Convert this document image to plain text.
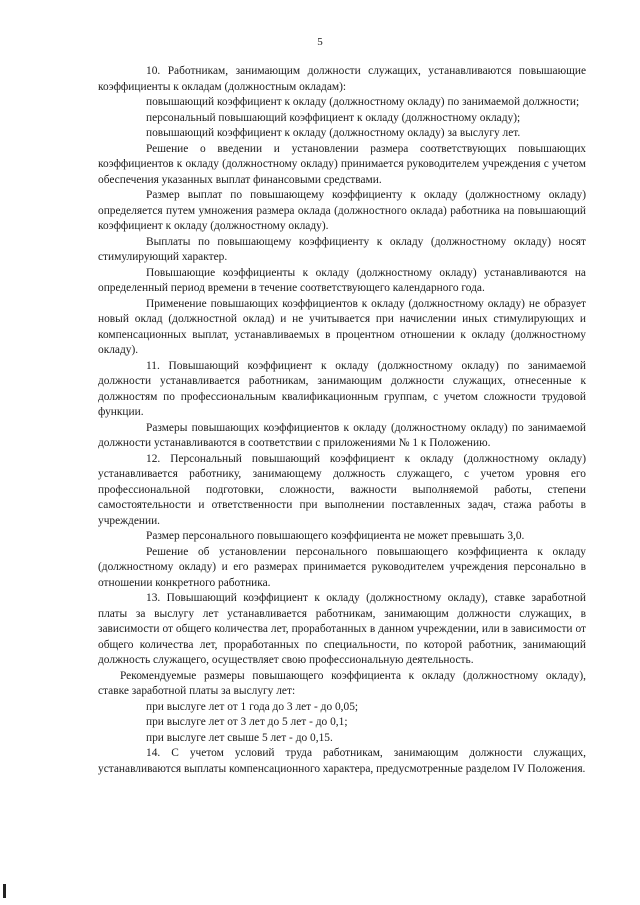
5

10. Работникам, занимающим должности служащих, устанавливаются повышающие коэффициенты к окладам (должностным окладам):

повышающий коэффициент к окладу (должностному окладу) по занимаемой должности;

персональный повышающий коэффициент к окладу (должностному окладу);

повышающий коэффициент к окладу (должностному окладу) за выслугу лет.

Решение о введении и установлении размера соответствующих повышающих коэффициентов к окладу (должностному окладу) принимается руководителем учреждения с учетом обеспечения указанных выплат финансовыми средствами.

Размер выплат по повышающему коэффициенту к окладу (должностному окладу) определяется путем умножения размера оклада (должностного оклада) работника на повышающий коэффициент к окладу (должностному окладу).

Выплаты по повышающему коэффициенту к окладу (должностному окладу) носят стимулирующий характер.

Повышающие коэффициенты к окладу (должностному окладу) устанавливаются на определенный период времени в течение соответствующего календарного года.

Применение повышающих коэффициентов к окладу (должностному окладу) не образует новый оклад (должностной оклад) и не учитывается при начислении иных стимулирующих и компенсационных выплат, устанавливаемых в процентном отношении к окладу (должностному окладу).

11. Повышающий коэффициент к окладу (должностному окладу) по занимаемой должности устанавливается работникам, занимающим должности служащих, отнесенные к должностям по профессиональным квалификационным группам, с учетом сложности трудовой функции.

Размеры повышающих коэффициентов к окладу (должностному окладу) по занимаемой должности устанавливаются в соответствии с приложениями № 1 к Положению.

12. Персональный повышающий коэффициент к окладу (должностному окладу) устанавливается работнику, занимающему должность служащего, с учетом уровня его профессиональной подготовки, сложности, важности выполняемой работы, степени самостоятельности и ответственности при выполнении поставленных задач, стажа работы в учреждении.

Размер персонального повышающего коэффициента не может превышать 3,0.

Решение об установлении персонального повышающего коэффициента к окладу (должностному окладу) и его размерах принимается руководителем учреждения персонально в отношении конкретного работника.

13. Повышающий коэффициент к окладу (должностному окладу), ставке заработной платы за выслугу лет устанавливается работникам, занимающим должности служащих, в зависимости от общего количества лет, проработанных в данном учреждении, или в зависимости от общего количества лет, проработанных по специальности, по которой работник, занимающий должность служащего, осуществляет свою профессиональную деятельность.

Рекомендуемые размеры повышающего коэффициента к окладу (должностному окладу), ставке заработной платы за выслугу лет:

при выслуге лет от 1 года до 3 лет - до 0,05;

при выслуге лет от 3 лет до 5 лет - до 0,1;

при выслуге лет свыше 5 лет - до 0,15.

14. С учетом условий труда работникам, занимающим должности служащих, устанавливаются выплаты компенсационного характера, предусмотренные разделом IV Положения.
